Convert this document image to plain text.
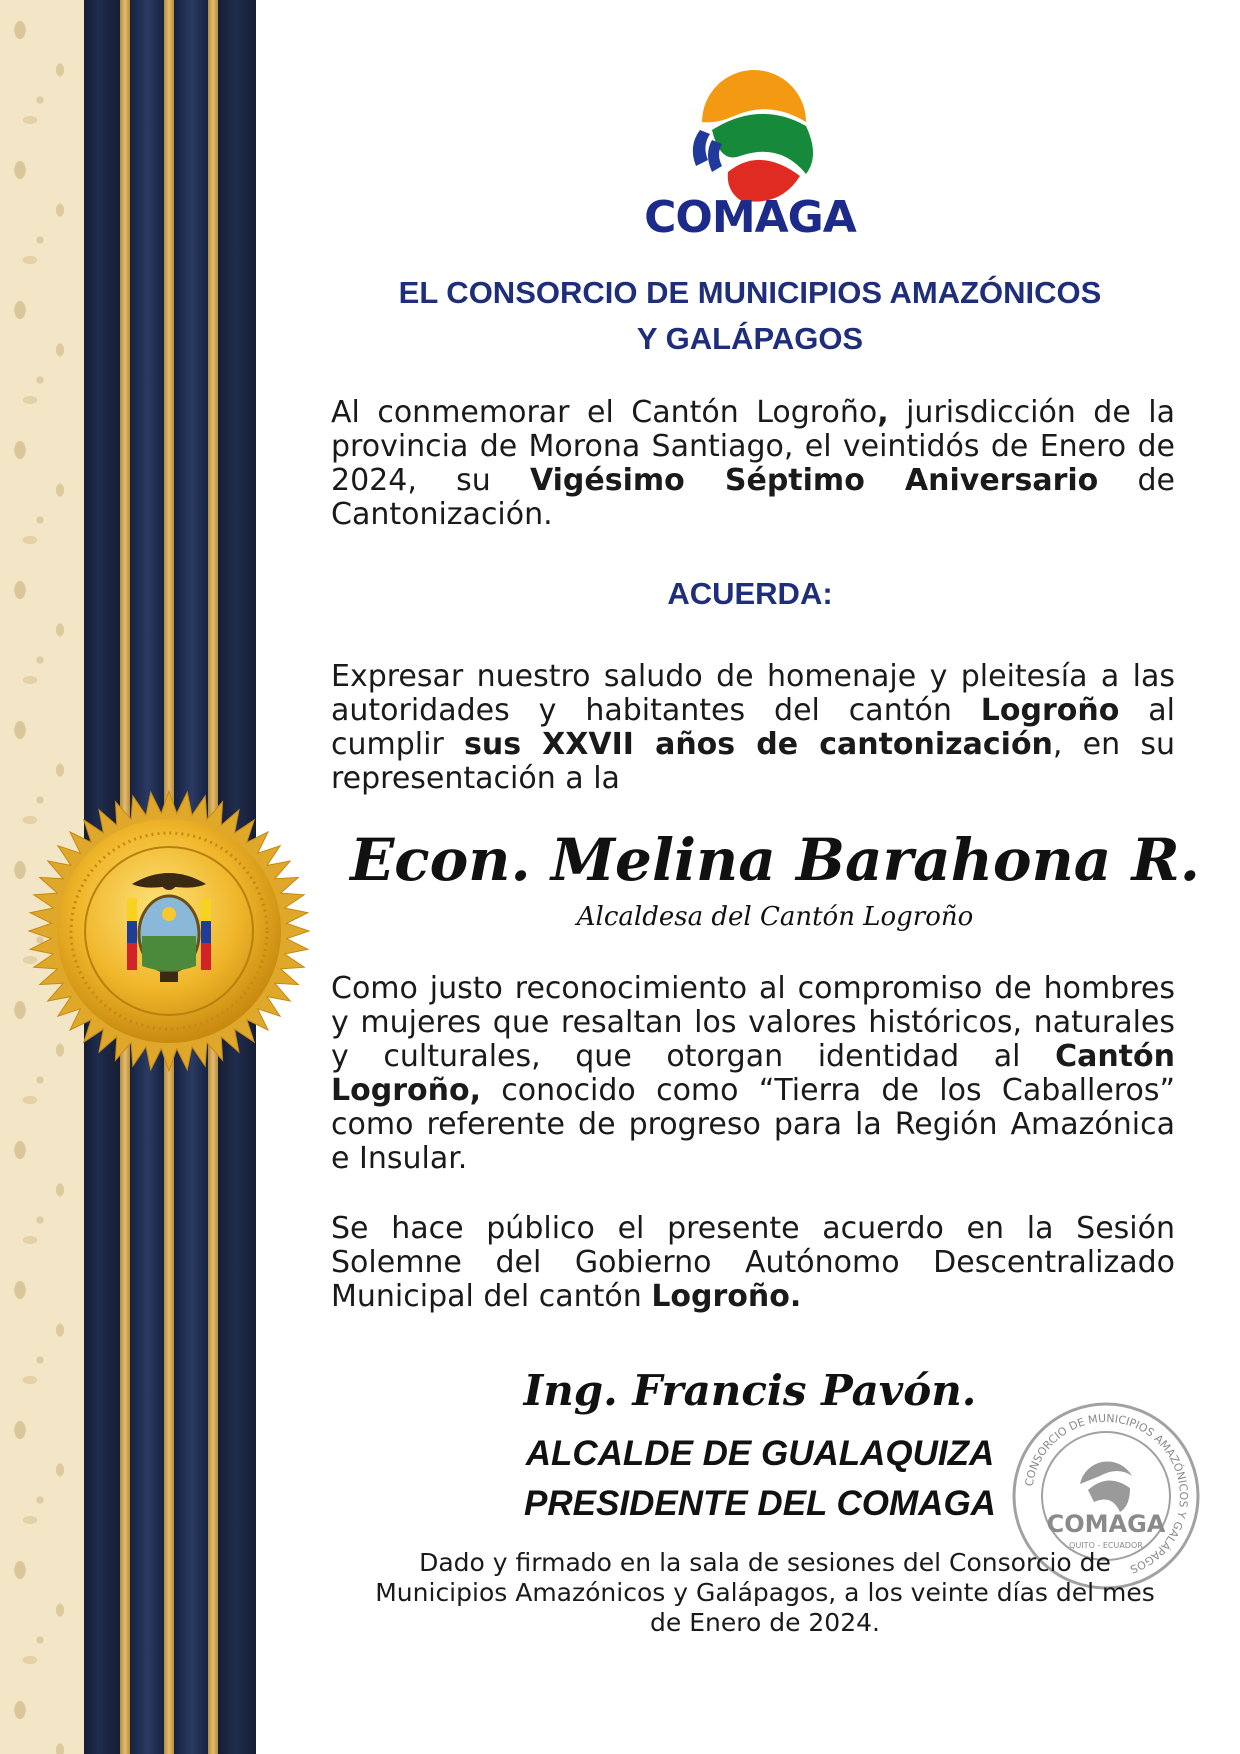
COMAGA
EL CONSORCIO DE MUNICIPIOS AMAZÓNICOS
Y GALÁPAGOS
Al conmemorar el Cantón Logroño, jurisdicción de la provincia de Morona Santiago, el veintidós de Enero de 2024, su Vigésimo Séptimo Aniversario de Cantonización.
ACUERDA:
Expresar nuestro saludo de homenaje y pleitesía a las autoridades y habitantes del cantón Logroño al cumplir sus XXVII años de cantonización, en su representación a la
Econ. Melina Barahona R.
Alcaldesa del Cantón Logroño
Como justo reconocimiento al compromiso de hombres y mujeres que resaltan los valores históricos, naturales y culturales, que otorgan identidad al Cantón Logroño, conocido como “Tierra de los Caballeros” como referente de progreso para la Región Amazónica e Insular.
Se hace público el presente acuerdo en la Sesión Solemne del Gobierno Autónomo Descentralizado Municipal del cantón Logroño.
Ing. Francis Pavón.
ALCALDE DE GUALAQUIZA
PRESIDENTE DEL COMAGA
CONSORCIO DE MUNICIPIOS AMAZÓNICOS Y GALÁPAGOS
COMAGA
QUITO - ECUADOR
Dado y firmado en la sala de sesiones del Consorcio de
Municipios Amazónicos y Galápagos, a los veinte días del mes
de Enero de 2024.
